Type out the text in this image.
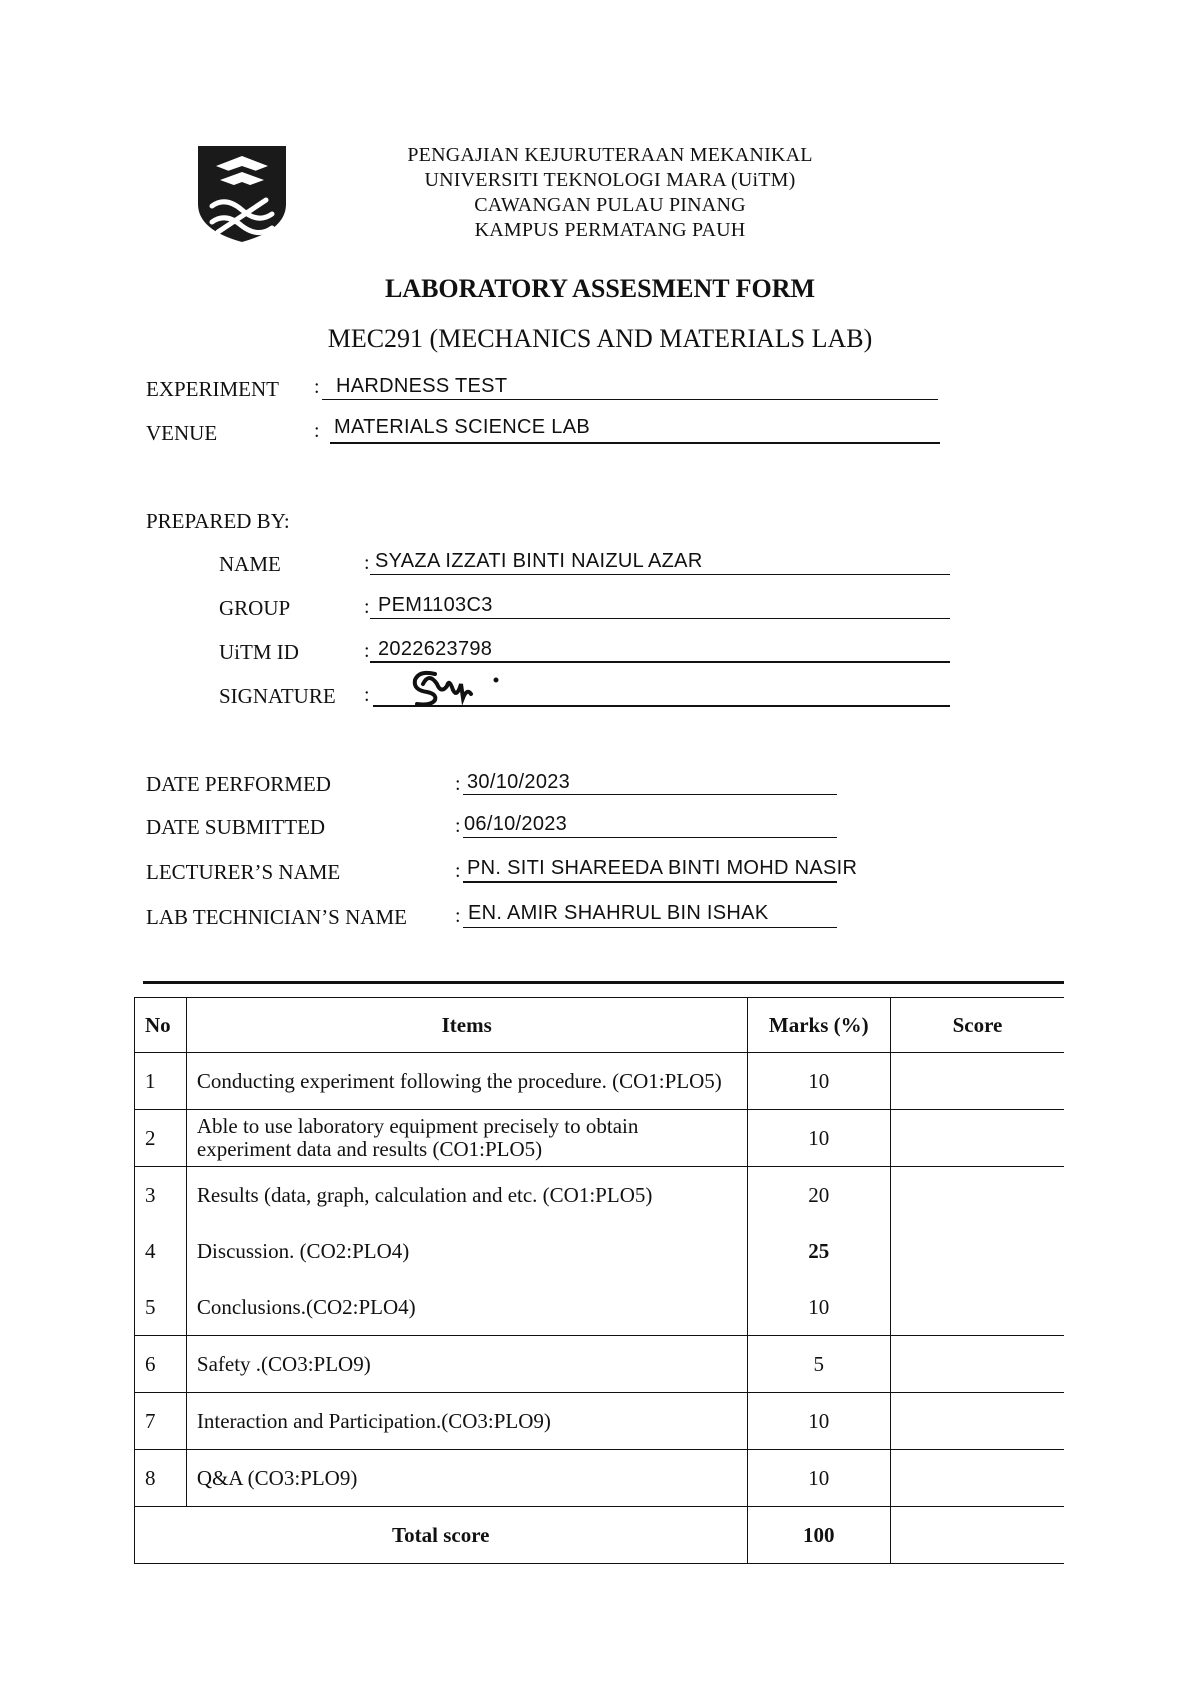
PENGAJIAN KEJURUTERAAN MEKANIKAL
UNIVERSITI TEKNOLOGI MARA (UiTM)
CAWANGAN PULAU PINANG
KAMPUS PERMATANG PAUH
LABORATORY ASSESMENT FORM
MEC291 (MECHANICS AND MATERIALS LAB)
EXPERIMENT : HARDNESS TEST
VENUE	: MATERIALS SCIENCE LAB
PREPARED BY:
NAME	: SYAZA IZZATI BINTI NAIZUL AZAR
GROUP	: PEM1103C3
UiTM ID	: 2022623798
SIGNATURE :
DATE PERFORMED	: 30/10/2023
DATE SUBMITTED	: 06/10/2023
LECTURER’S NAME	: PN. SITI SHAREEDA BINTI MOHD NASIR
LAB TECHNICIAN’S NAME : EN. AMIR SHAHRUL BIN ISHAK
No	Items	Marks (%)	Score
1	Conducting experiment following the procedure. (CO1:PLO5)	10	
2	Able to use laboratory equipment precisely to obtain experiment data and results (CO1:PLO5)	10	
3	Results (data, graph, calculation and etc. (CO1:PLO5)	20	
4	Discussion. (CO2:PLO4)	25	
5	Conclusions.(CO2:PLO4)	10	
6	Safety .(CO3:PLO9)	5	
7	Interaction and Participation.(CO3:PLO9)	10	
8	Q&A (CO3:PLO9)	10	
Total score		100	
